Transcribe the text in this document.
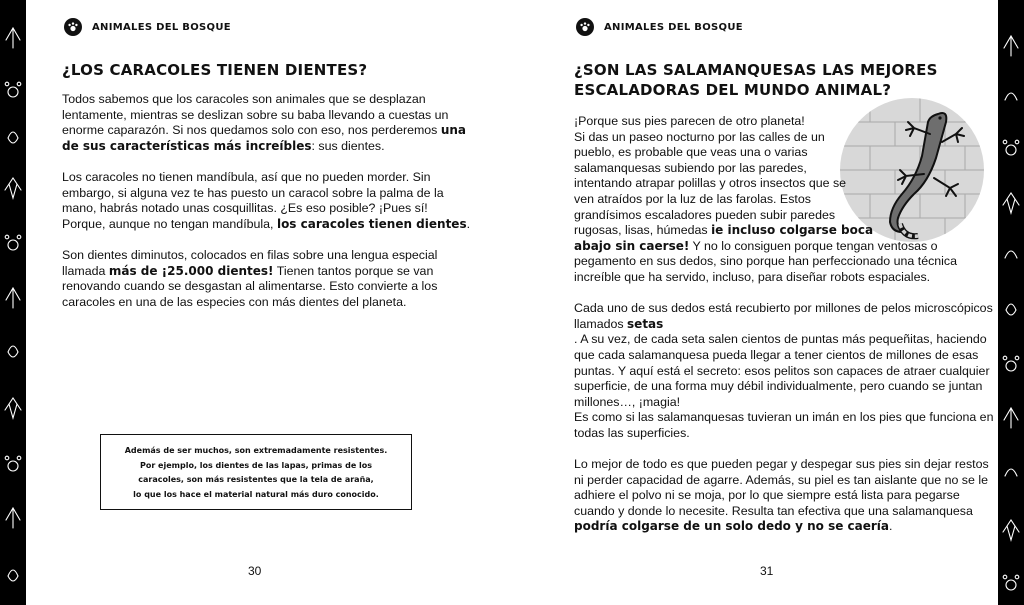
ANIMALES DEL BOSQUE
¿LOS CARACOLES TIENEN DIENTES?

Todos sabemos que los caracoles son animales que se desplazan lentamente, mientras se deslizan sobre su baba llevando a cuestas un enorme caparazón. Si nos quedamos solo con eso, nos perderemos una de sus características más increíbles: sus dientes.

Los caracoles no tienen mandíbula, así que no pueden morder. Sin embargo, si alguna vez te has puesto un caracol sobre la palma de la mano, habrás notado unas cosquillitas. ¿Es eso posible? ¡Pues sí! Porque, aunque no tengan mandíbula, los caracoles tienen dientes.

Son dientes diminutos, colocados en filas sobre una lengua especial llamada más de ¡25.000 dientes! Tienen tantos porque se van renovando cuando se desgastan al alimentarse. Esto convierte a los caracoles en una de las especies con más dientes del planeta.

Además de ser muchos, son extremadamente resistentes.
Por ejemplo, los dientes de las lapas, primas de los
caracoles, son más resistentes que la tela de araña,
lo que los hace el material natural más duro conocido.
30
ANIMALES DEL BOSQUE
¿SON LAS SALAMANQUESAS LAS MEJORES
ESCALADORAS DEL MUNDO ANIMAL?

¡Porque sus pies parecen de otro planeta!
Si das un paseo nocturno por las calles de un pueblo, es probable que veas una o varias salamanquesas subiendo por las paredes, intentando atrapar polillas y otros insectos que se ven atraídos por la luz de las farolas. Estos grandísimos escaladores pueden subir paredes rugosas, lisas, húmedas ie incluso colgarse boca abajo sin caerse! Y no lo consiguen porque tengan ventosas o pegamento en sus dedos, sino porque han perfeccionado una técnica increíble que ha servido, incluso, para diseñar robots espaciales.

Cada uno de sus dedos está recubierto por millones de pelos microscópicos llamados setas
. A su vez, de cada seta salen cientos de puntas más pequeñitas, haciendo que cada salamanquesa pueda llegar a tener cientos de millones de esas puntas. Y aquí está el secreto: esos pelitos son capaces de atraer cualquier superficie, de una forma muy débil individualmente, pero cuando se juntan millones…, ¡magia!
Es como si las salamanquesas tuvieran un imán en los pies que funciona en todas las superficies.

Lo mejor de todo es que pueden pegar y despegar sus pies sin dejar restos ni perder capacidad de agarre. Además, su piel es tan aislante que no se le adhiere el polvo ni se moja, por lo que siempre está lista para pegarse cuando y donde lo necesite. Resulta tan efectiva que una salamanquesa podría colgarse de un solo dedo y no se caería.

31
